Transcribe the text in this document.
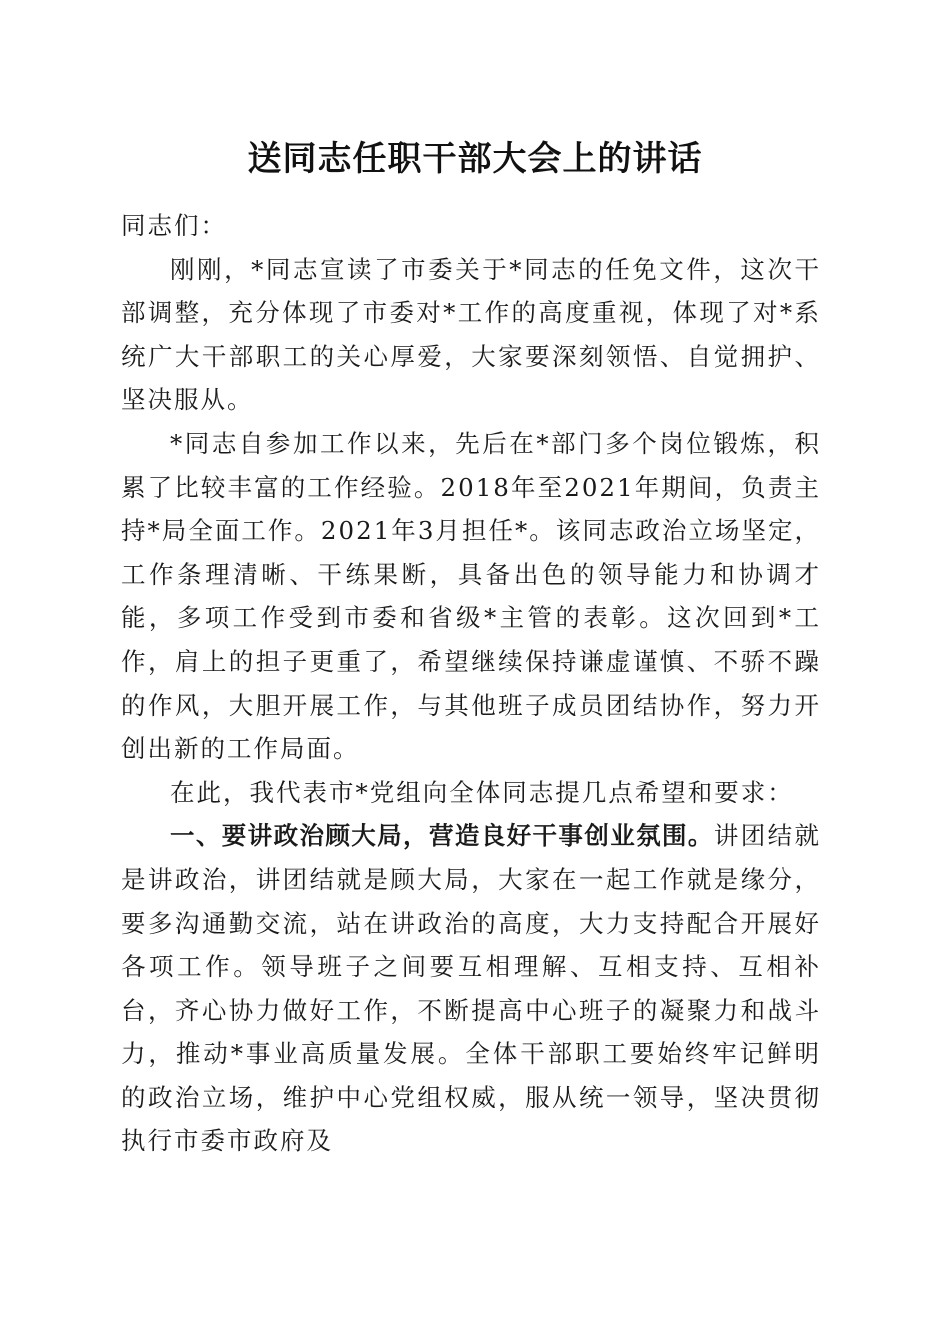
送同志任职干部大会上的讲话

同志们：

刚刚，*同志宣读了市委关于*同志的任免文件，这次干部调整，充分体现了市委对*工作的高度重视，体现了对*系统广大干部职工的关心厚爱，大家要深刻领悟、自觉拥护、坚决服从。

*同志自参加工作以来，先后在*部门多个岗位锻炼，积累了比较丰富的工作经验。2018年至2021年期间，负责主持*局全面工作。2021年3月担任*。该同志政治立场坚定，工作条理清晰、干练果断，具备出色的领导能力和协调才能，多项工作受到市委和省级*主管的表彰。这次回到*工作，肩上的担子更重了，希望继续保持谦虚谨慎、不骄不躁的作风，大胆开展工作，与其他班子成员团结协作，努力开创出新的工作局面。

在此，我代表市*党组向全体同志提几点希望和要求：

一、要讲政治顾大局，营造良好干事创业氛围。讲团结就是讲政治，讲团结就是顾大局，大家在一起工作就是缘分，要多沟通勤交流，站在讲政治的高度，大力支持配合开展好各项工作。领导班子之间要互相理解、互相支持、互相补台，齐心协力做好工作，不断提高中心班子的凝聚力和战斗力，推动*事业高质量发展。全体干部职工要始终牢记鲜明的政治立场，维护中心党组权威，服从统一领导，坚决贯彻执行市委市政府及
